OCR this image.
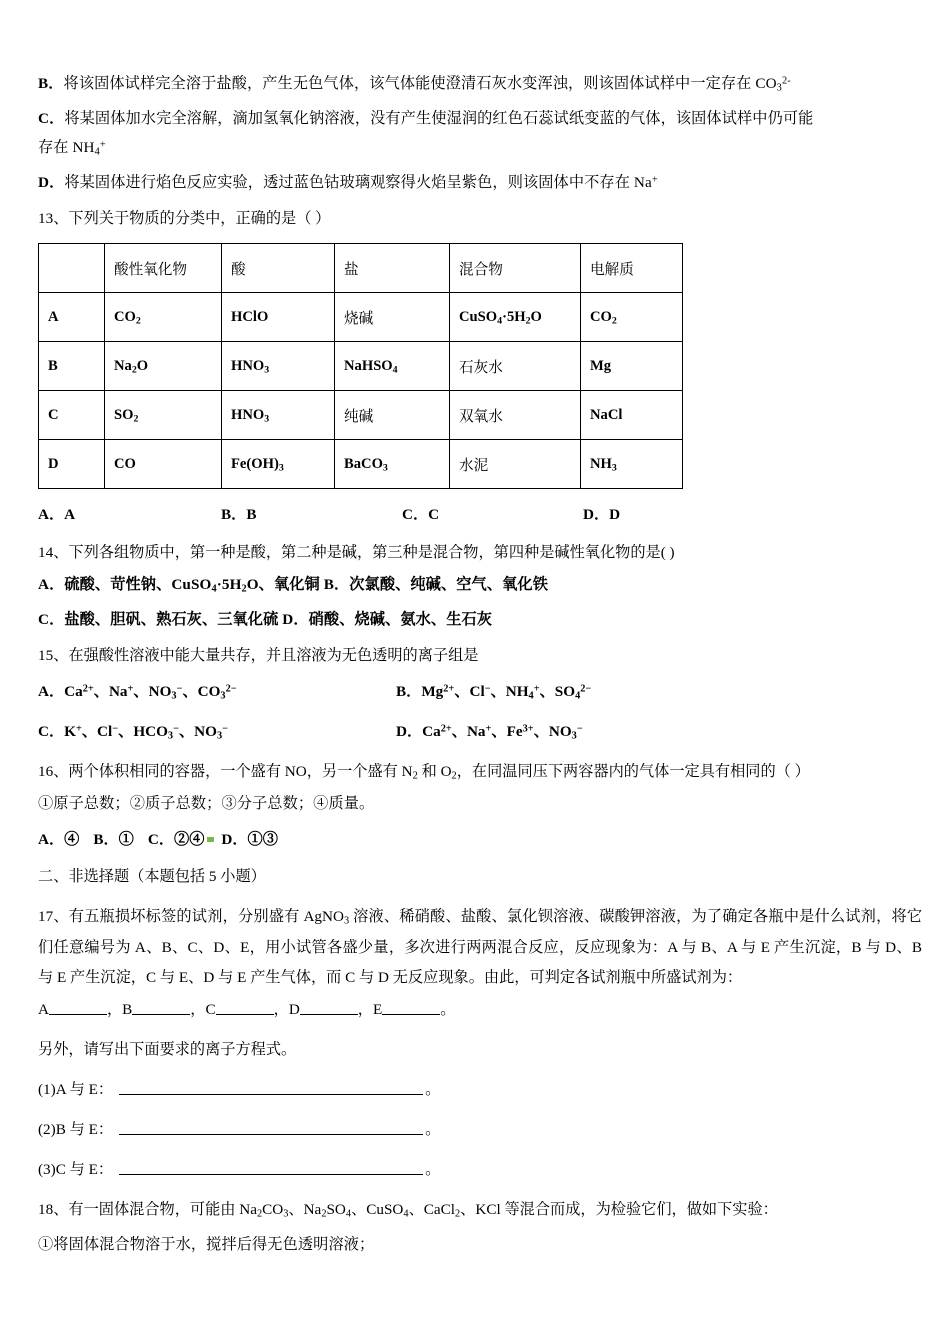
B．将该固体试样完全溶于盐酸，产生无色气体，该气体能使澄清石灰水变浑浊，则该固体试样中一定存在 $CO_3^{2-}$
C．将某固体加水完全溶解，滴加氢氧化钠溶液，没有产生使湿润的红色石蕊试纸变蓝的气体，该固体试样中仍可能
存在 $NH_4^+$
D．将某固体进行焰色反应实验，透过蓝色钴玻璃观察得火焰呈紫色，则该固体中不存在 Na+
13、下列关于物质的分类中，正确的是（ ）
	酸性氧化物	酸	盐	混合物	电解质
A	$CO_2$	HClO	烧碱	$CuSO_4\cdot 5H_2O$	$CO_2$
B	$Na_2O$	$HNO_3$	NaHSO$_4$	石灰水	Mg
C	$SO_2$	$HNO_3$	纯碱	双氧水	NaCl
D	CO	$Fe(OH)_3$	BaCO$_3$	水泥	$NH_3$
A．A	B．B	C．C	D．D
14、下列各组物质中，第一种是酸，第二种是碱，第三种是混合物，第四种是碱性氧化物的是( )
A．硫酸、苛性钠、$CuSO_4\cdot 5H_2O$、氧化铜 B．次氯酸、纯碱、空气、氧化铁
C．盐酸、胆矾、熟石灰、三氧化硫 D．硝酸、烧碱、氨水、生石灰
15、在强酸性溶液中能大量共存，并且溶液为无色透明的离子组是
A．$Ca^{2+}$、Na+、$NO_3^-$、$CO_3^{2-}$	B．$Mg^{2+}$、Cl−、$NH_4^+$、$SO_4^{2-}$
C．K+、Cl−、$HCO_3^-$、$NO_3^-$	D．$Ca^{2+}$、Na+、$Fe^{3+}$、$NO_3^-$
16、两个体积相同的容器，一个盛有 NO，另一个盛有 $N_2$ 和 $O_2$，在同温同压下两容器内的气体一定具有相同的（ ）
①原子总数；②质子总数；③分子总数；④质量。
A．④ B．① C．②④ D．①③
二、非选择题（本题包括 5 小题）
17、有五瓶损坏标签的试剂，分别盛有 AgNO$_3$ 溶液、稀硝酸、盐酸、氯化钡溶液、碳酸钾溶液，为了确定各瓶中是什么试剂，将它们任意编号为 A、B、C、D、E，用小试管各盛少量，多次进行两两混合反应，反应现象为：A 与 B、A 与 E 产生沉淀，B 与 D、B 与 E 产生沉淀，C 与 E、D 与 E 产生气体，而 C 与 D 无反应现象。由此，可判定各试剂瓶中所盛试剂为：
A	，B	，C	，D	，E	。
另外，请写出下面要求的离子方程式。
(1)A 与 E：	。
(2)B 与 E：	。
(3)C 与 E：	。
18、有一固体混合物，可能由 $Na_2CO_3$、$Na_2SO_4$、CuSO$_4$、CaCl$_2$、KCl 等混合而成，为检验它们，做如下实验：
①将固体混合物溶于水，搅拌后得无色透明溶液；
